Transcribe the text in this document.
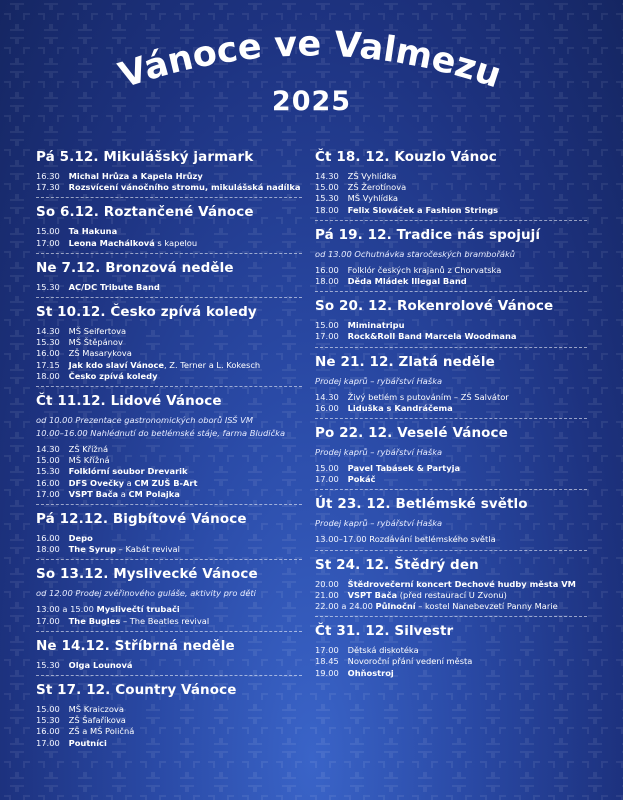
Vánoce ve Valmezu
2025
Pá 5.12. Mikulášský jarmark
16.30 Michal Hrůza a Kapela Hrůzy
17.30 Rozsvícení vánočního stromu, mikulášská nadílka
So 6.12. Roztančené Vánoce
15.00 Ta Hakuna
17.00 Leona Machálková s kapelou
Ne 7.12. Bronzová neděle
15.30 AC/DC Tribute Band
St 10.12. Česko zpívá koledy
14.30 MŠ Seifertova
15.30 MŠ Štěpánov
16.00 ZŠ Masarykova
17.15 Jak kdo slaví Vánoce, Z. Terner a L. Kokesch
18.00 Česko zpívá koledy
Čt 11.12. Lidové Vánoce
od 10.00 Prezentace gastronomických oborů ISŠ VM
10.00–16.00 Nahlédnutí do betlémské stáje, farma Bludička
14.30 ZŠ Křížná
15.00 MŠ Křížná
15.30 Folklórní soubor Drevarik
16.00 DFS Ovečky a CM ZUŠ B-Art
17.00 VSPT Bača a CM Polajka
Pá 12.12. Bigbítové Vánoce
16.00 Depo
18.00 The Syrup – Kabát revival
So 13.12. Myslivecké Vánoce
od 12.00 Prodej zvěřinového guláše, aktivity pro děti
13.00 a 15.00 Myslivečtí trubači
17.00 The Bugles – The Beatles revival
Ne 14.12. Stříbrná neděle
15.30 Olga Lounová
St 17. 12. Country Vánoce
15.00 MŠ Kraiczova
15.30 ZŠ Šafaříkova
16.00 ZŠ a MŠ Poličná
17.00 Poutníci
Čt 18. 12. Kouzlo Vánoc
14.30 ZŠ Vyhlídka
15.00 ZŠ Žerotínova
15.30 MŠ Vyhlídka
18.00 Felix Slováček a Fashion Strings
Pá 19. 12. Tradice nás spojují
od 13.00 Ochutnávka staročeských brambořáků
16.00 Folklór českých krajanů z Chorvatska
18.00 Děda Mládek Illegal Band
So 20. 12. Rokenrolové Vánoce
15.00 Miminatripu
17.00 Rock&Roll Band Marcela Woodmana
Ne 21. 12. Zlatá neděle
Prodej kaprů – rybářství Haška
14.30 Živý betlém s putováním – ZŠ Salvátor
16.00 Liduška s Kandráčema
Po 22. 12. Veselé Vánoce
Prodej kaprů – rybářství Haška
15.00 Pavel Tabásek & Partyja
17.00 Pokáč
Út 23. 12. Betlémské světlo
Prodej kaprů – rybářství Haška
13.00–17.00 Rozdávání betlémského světla
St 24. 12. Štědrý den
20.00 Štědrovečerní koncert Dechové hudby města VM
21.00 VSPT Bača (před restaurací U Zvonu)
22.00 a 24.00 Půlnoční – kostel Nanebevzetí Panny Marie
Čt 31. 12. Silvestr
17.00 Dětská diskotéka
18.45 Novoroční přání vedení města
19.00 Ohňostroj
